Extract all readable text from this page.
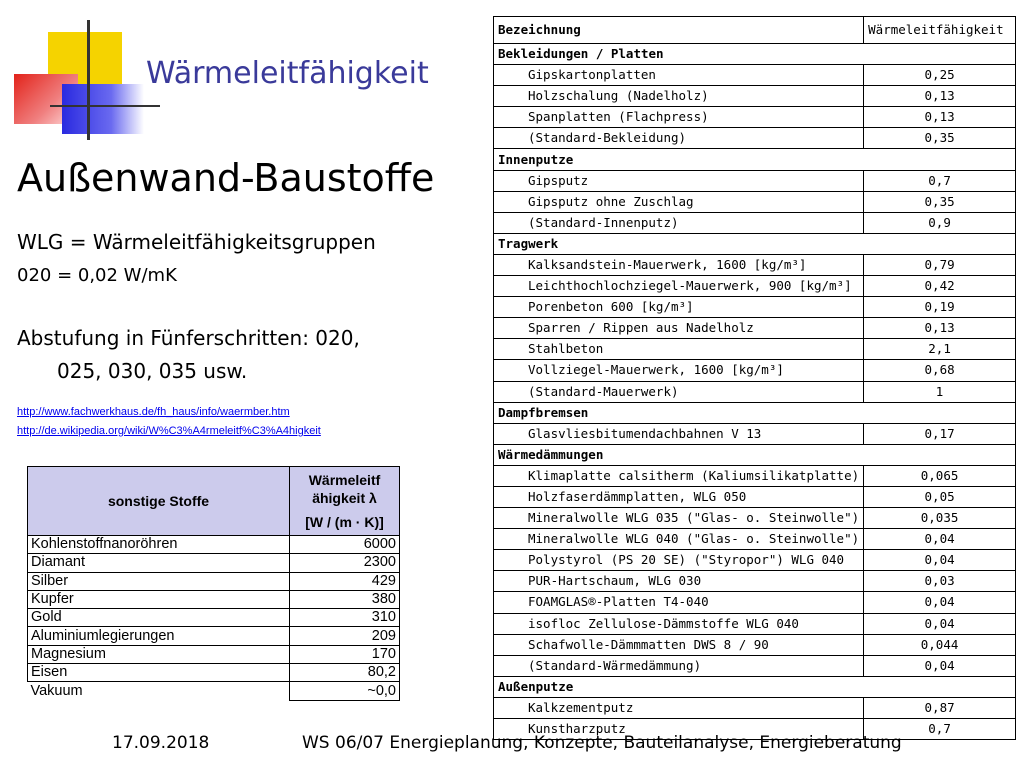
Wärmeleitfähigkeit
Außenwand-Baustoffe
WLG = Wärmeleitfähigkeitsgruppen
020 = 0,02 W/mK
Abstufung in Fünferschritten: 020,
025, 030, 035 usw.
http://www.fachwerkhaus.de/fh_haus/info/waermber.htm
http://de.wikipedia.org/wiki/W%C3%A4rmeleitf%C3%A4higkeit
Bezeichnung	Wärmeleitfähigkeit
Bekleidungen / Platten	
Gipskartonplatten	0,25
Holzschalung (Nadelholz)	0,13
Spanplatten (Flachpress)	0,13
(Standard-Bekleidung)	0,35
Innenputze	
Gipsputz	0,7
Gipsputz ohne Zuschlag	0,35
(Standard-Innenputz)	0,9
Tragwerk	
Kalksandstein-Mauerwerk, 1600 [kg/m³]	0,79
Leichthochlochziegel-Mauerwerk, 900 [kg/m³]	0,42
Porenbeton 600 [kg/m³]	0,19
Sparren / Rippen aus Nadelholz	0,13
Stahlbeton	2,1
Vollziegel-Mauerwerk, 1600 [kg/m³]	0,68
(Standard-Mauerwerk)	1
Dampfbremsen	
Glasvliesbitumendachbahnen V 13	0,17
Wärmedämmungen	
Klimaplatte calsitherm (Kaliumsilikatplatte)	0,065
Holzfaserdämmplatten, WLG 050	0,05
Mineralwolle WLG 035 ("Glas- o. Steinwolle")	0,035
Mineralwolle WLG 040 ("Glas- o. Steinwolle")	0,04
Polystyrol (PS 20 SE) ("Styropor") WLG 040	0,04
PUR-Hartschaum, WLG 030	0,03
FOAMGLAS®-Platten T4-040	0,04
isofloc Zellulose-Dämmstoffe WLG 040	0,04
Schafwolle-Dämmmatten DWS 8 / 90	0,044
(Standard-Wärmedämmung)	0,04
Außenputze	
Kalkzementputz	0,87
Kunstharzputz	0,7
sonstige Stoffe	Wärmeleitf
ähigkeit λ
[W / (m · K)]

Kohlenstoffnanoröhren	6000
Diamant	2300
Silber	429
Kupfer	380
Gold	310
Aluminiumlegierungen	209
Magnesium	170
Eisen	80,2
Vakuum	~0,0
17.09.2018	WS 06/07 Energieplanung, Konzepte, Bauteilanalyse, Energieberatung
